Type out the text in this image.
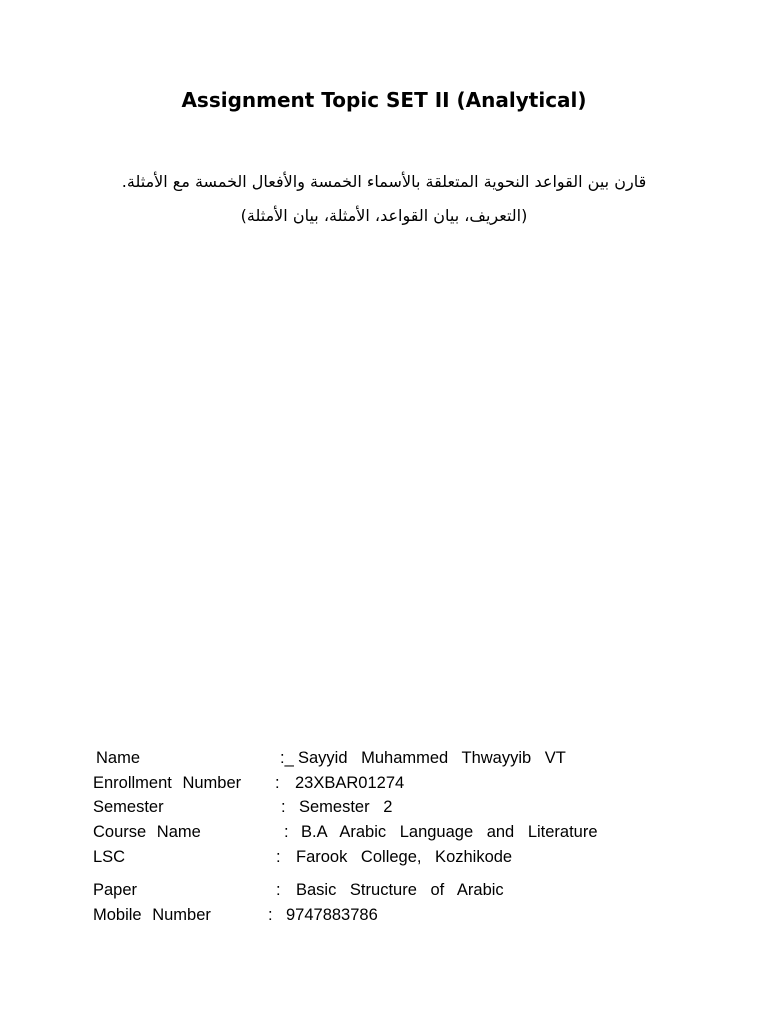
Assignment Topic SET II (Analytical)
قارن بين القواعد النحوية المتعلقة بالأسماء الخمسة والأفعال الخمسة مع الأمثلة.
(التعريف، بيان القواعد، الأمثلة، بيان الأمثلة)
Name	:_ Sayyid Muhammed Thwayyib VT
Enrollment Number : 23XBAR01274
Semester	: Semester 2
Course Name	: B.A Arabic Language and Literature
LSC	: Farook College, Kozhikode
Paper	: Basic Structure of Arabic
Mobile Number	: 9747883786
